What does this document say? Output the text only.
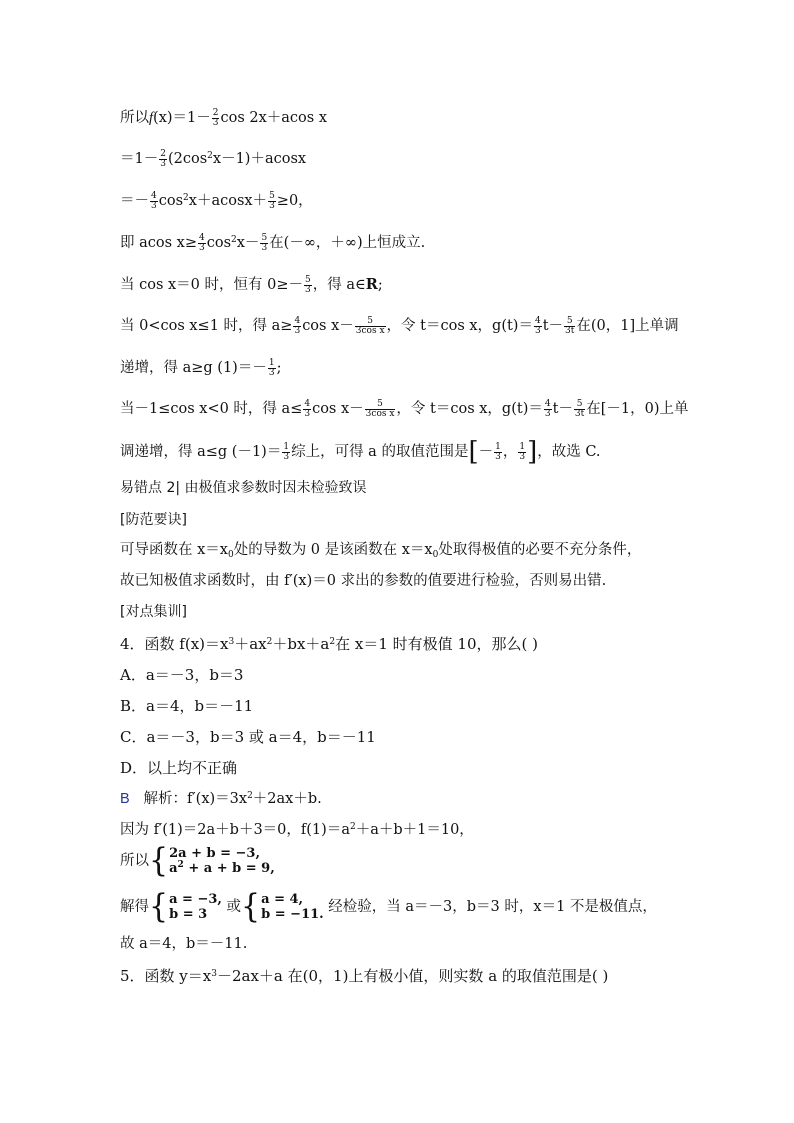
所以$f(x)=1- \frac{2}{3}$ cos 2x＋acos x
$=1- \frac{2}{3} (2\cos^2x-1)+acosx$
＝－ $\frac{4}{3} \cos^2x+acosx+ \frac{5}{3} \ge 0$，
即 acos $x\ge \frac{4}{3} \cos^2x- \frac{5}{3}$ 在(－∞，＋∞)上恒成立.
当 cos x＝0 时，恒有 $0\ge- \frac{5}{3}$ ，得 a∈R;
当 0<cos x≤1 时，得 $a\ge \frac{4}{3}$ $\cos x- \frac{5}{\text{3cos x}}$ ，令 t＝cos x，$g(t)= \frac{4}{3} t- \frac{5}{3t}$ 在(0，1]上单调
递增，得 a≥g $(1)=- \frac{1}{3}$ ;
当－1≤cos x<0 时，得 $a\le \frac{4}{3}$ $\cos x- \frac{5}{\text{3cos x}}$ ，令 t＝cos x，$g(t)= \frac{4}{3} t- \frac{5}{3t}$ 在[－1，0)上单
调递增，得 a≤g $(-1)= \frac{1}{3}$ 综上，可得 a 的取值范围是[－ $\frac{1}{3}$ ， $\frac{1}{3}$ ]，故选 C.
易错点 2| 由极值求参数时因未检验致误
[防范要诀]
可导函数在 $x=x_0$处的导数为 0 是该函数在 $x=x_0$处取得极值的必要不充分条件，
故已知极值求函数时，由 f′(x)＝0 求出的参数的值要进行检验，否则易出错.
[对点集训]
4．函数 $f(x)=x^3+ax^2+bx+a^2$在 x＝1 时有极值 10，那么( )
A．a＝－3，b＝3
B．a＝4，b＝－11
C．a＝－3，b＝3 或 a＝4，b＝－11
D．以上均不正确
B 解析：$f'(x)=3x^2+2ax+b$.
因为 f′(1)＝2a＋b＋3＝0，$f(1)=a^2+a+b+1=10$，
所以{2a + b = −3,
$a^2 + a + b = 9$,
解得{a = −3,
b = 3 或{a = 4,
b = −11. 经检验，当 a＝－3，b＝3 时，x＝1 不是极值点，
故 a＝4，b＝－11.
5．函数 $y=x^3-2ax+a$ 在(0，1)上有极小值，则实数 a 的取值范围是( )
